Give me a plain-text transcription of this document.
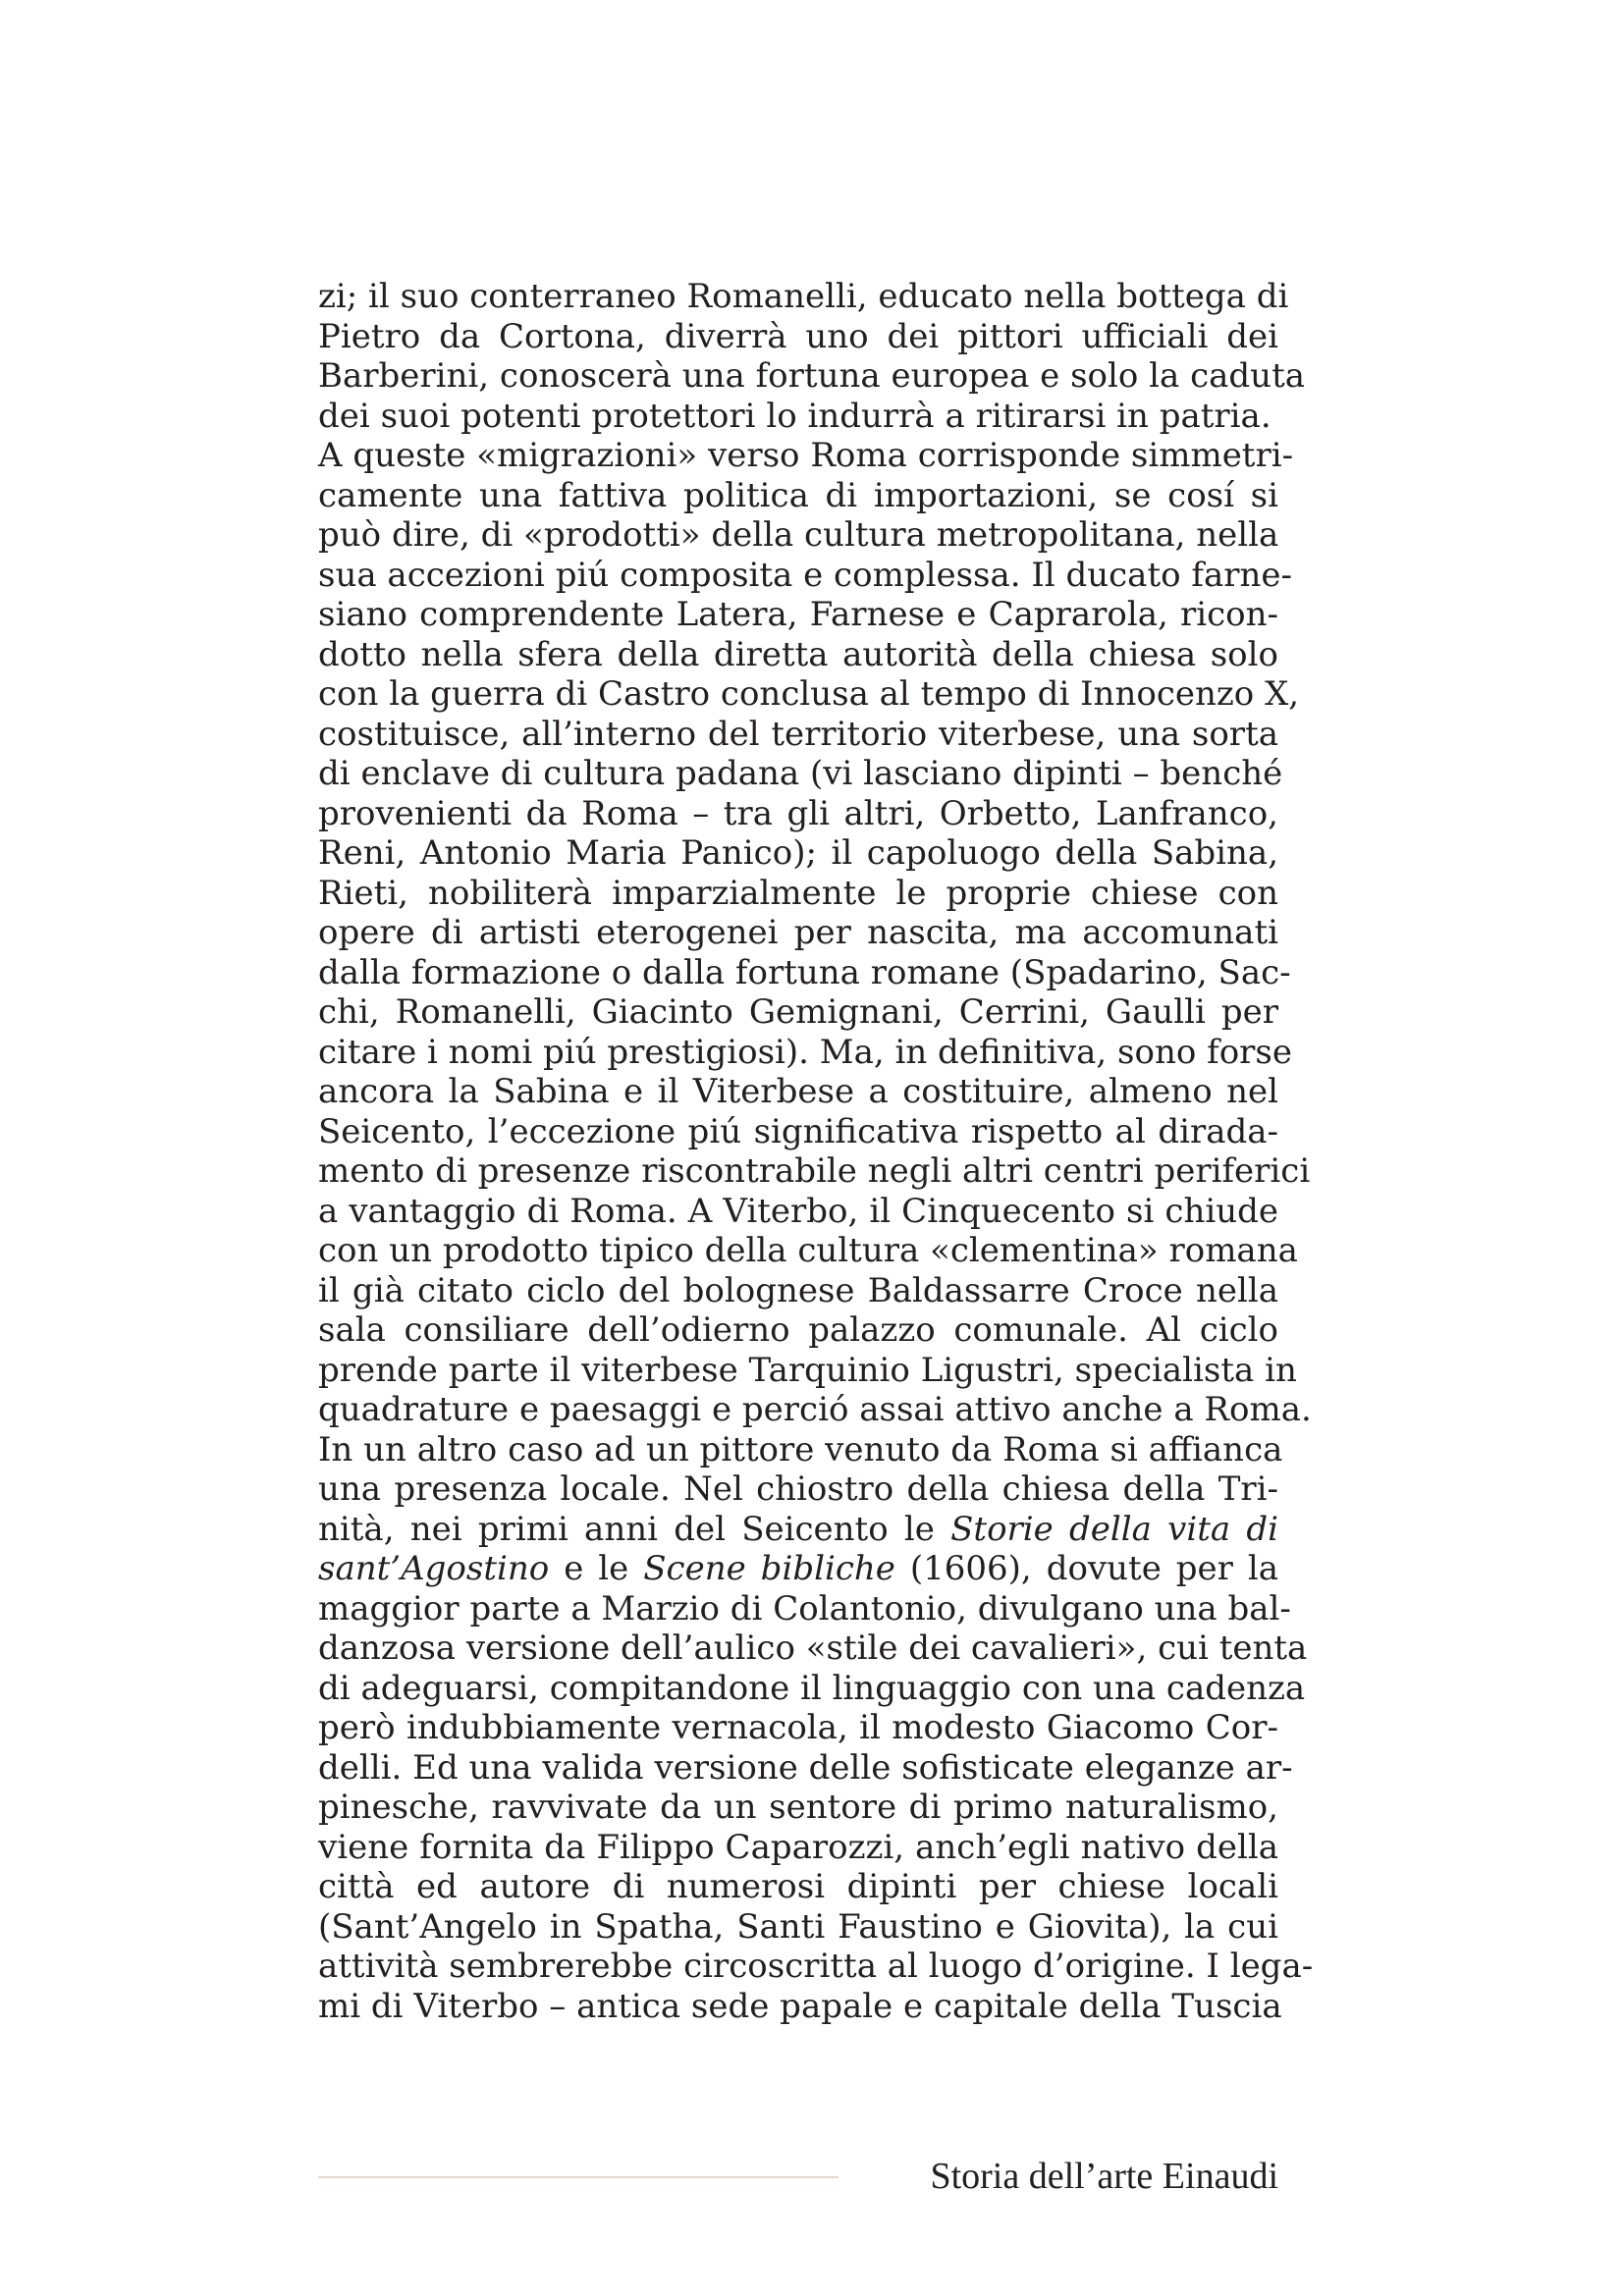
zi; il suo conterraneo Romanelli, educato nella bottega di
Pietro da Cortona, diverrà uno dei pittori ufficiali dei
Barberini, conoscerà una fortuna europea e solo la caduta
dei suoi potenti protettori lo indurrà a ritirarsi in patria.
A queste «migrazioni» verso Roma corrisponde simmetri-
camente una fattiva politica di importazioni, se cosí si
può dire, di «prodotti» della cultura metropolitana, nella
sua accezioni piú composita e complessa. Il ducato farne-
siano comprendente Latera, Farnese e Caprarola, ricon-
dotto nella sfera della diretta autorità della chiesa solo
con la guerra di Castro conclusa al tempo di Innocenzo X,
costituisce, all’interno del territorio viterbese, una sorta
di enclave di cultura padana (vi lasciano dipinti – benché
provenienti da Roma – tra gli altri, Orbetto, Lanfranco,
Reni, Antonio Maria Panico); il capoluogo della Sabina,
Rieti, nobiliterà imparzialmente le proprie chiese con
opere di artisti eterogenei per nascita, ma accomunati
dalla formazione o dalla fortuna romane (Spadarino, Sac-
chi, Romanelli, Giacinto Gemignani, Cerrini, Gaulli per
citare i nomi piú prestigiosi). Ma, in definitiva, sono forse
ancora la Sabina e il Viterbese a costituire, almeno nel
Seicento, l’eccezione piú significativa rispetto al dirada-
mento di presenze riscontrabile negli altri centri periferici
a vantaggio di Roma. A Viterbo, il Cinquecento si chiude
con un prodotto tipico della cultura «clementina» romana
il già citato ciclo del bolognese Baldassarre Croce nella
sala consiliare dell’odierno palazzo comunale. Al ciclo
prende parte il viterbese Tarquinio Ligustri, specialista in
quadrature e paesaggi e perció assai attivo anche a Roma.
In un altro caso ad un pittore venuto da Roma si affianca
una presenza locale. Nel chiostro della chiesa della Tri-
nità, nei primi anni del Seicento le Storie della vita di
sant’Agostino e le Scene bibliche (1606), dovute per la
maggior parte a Marzio di Colantonio, divulgano una bal-
danzosa versione dell’aulico «stile dei cavalieri», cui tenta
di adeguarsi, compitandone il linguaggio con una cadenza
però indubbiamente vernacola, il modesto Giacomo Cor-
delli. Ed una valida versione delle sofisticate eleganze ar-
pinesche, ravvivate da un sentore di primo naturalismo,
viene fornita da Filippo Caparozzi, anch’egli nativo della
città ed autore di numerosi dipinti per chiese locali
(Sant’Angelo in Spatha, Santi Faustino e Giovita), la cui
attività sembrerebbe circoscritta al luogo d’origine. I lega-
mi di Viterbo – antica sede papale e capitale della Tuscia
Storia dell’arte Einaudi
